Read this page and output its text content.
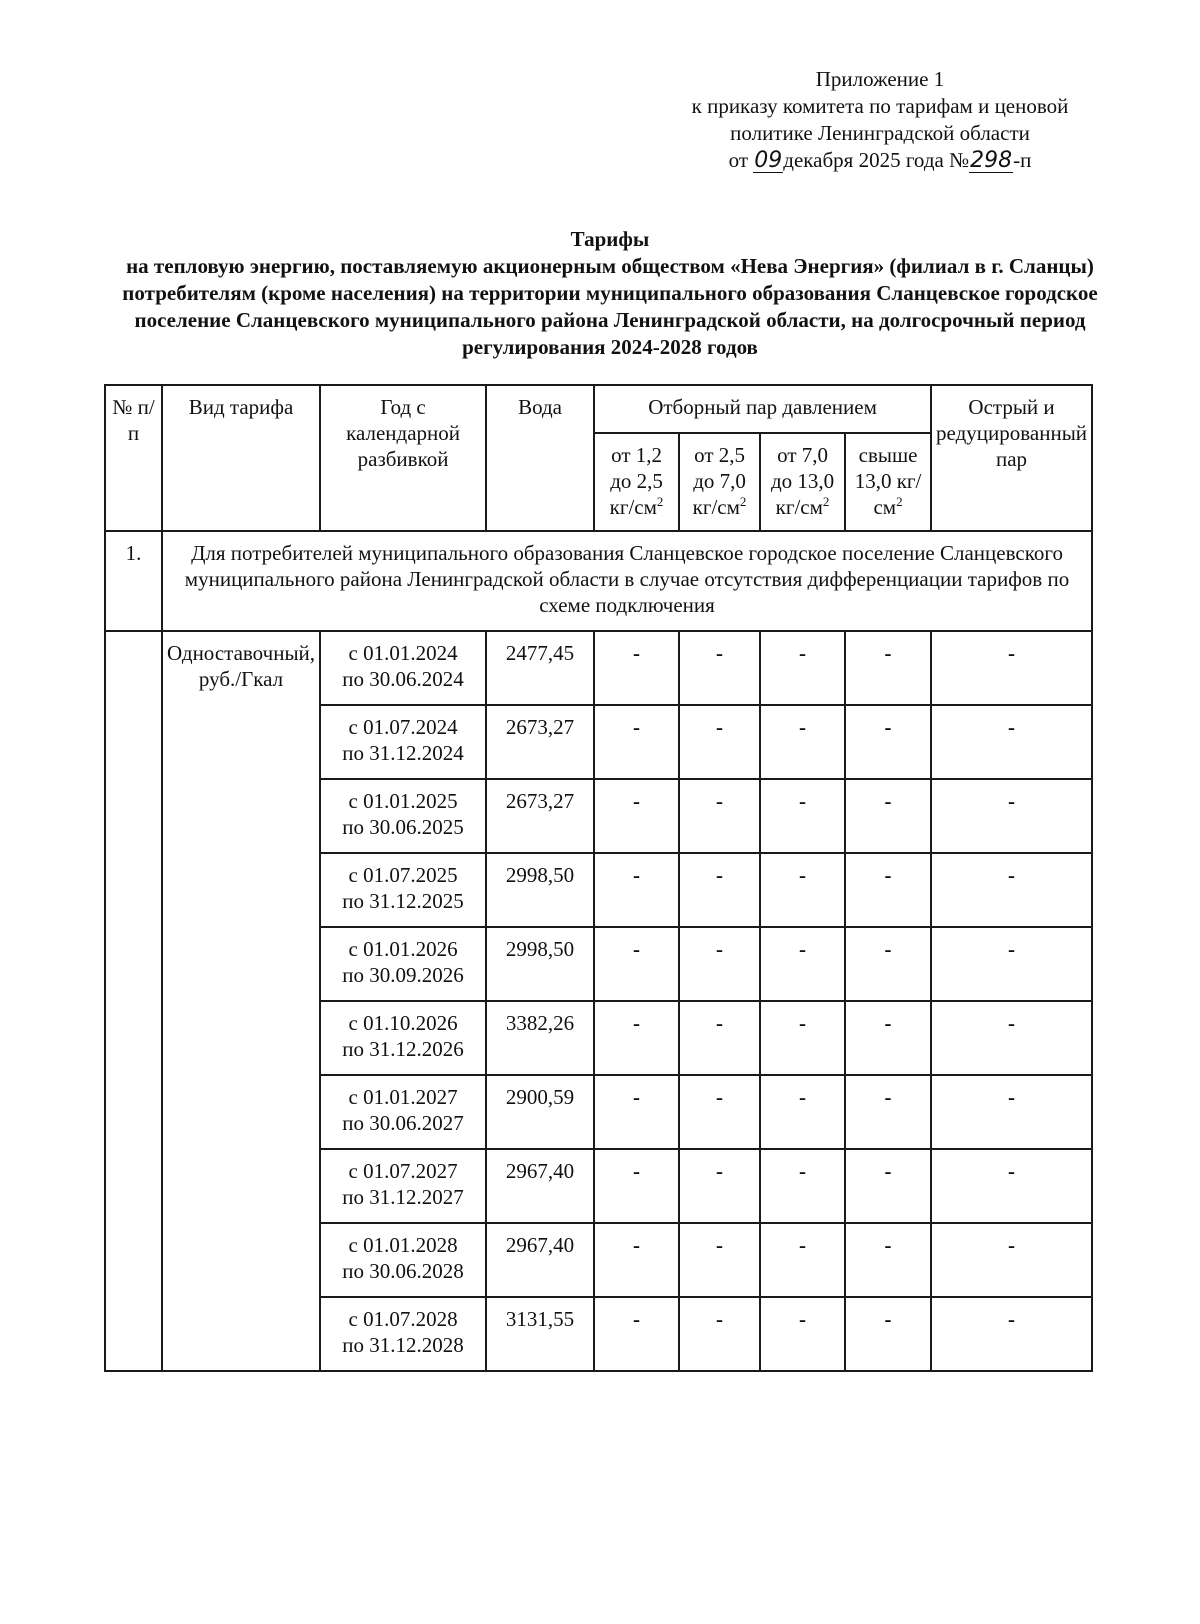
Приложение 1
к приказу комитета по тарифам и ценовой
политике Ленинградской области
от 09декабря 2025 года №298-п
Тарифы
на тепловую энергию, поставляемую акционерным обществом «Нева Энергия» (филиал в г. Сланцы) потребителям (кроме населения) на территории муниципального образования Сланцевское городское поселение Сланцевского муниципального района Ленинградской области, на долгосрочный период регулирования 2024-2028 годов
№ п/п	Вид тарифа	Год с календарной разбивкой	Вода	Отборный пар давлением				Острый и редуцированный пар
				от 1,2 до 2,5 $кг/см^2$	от 2,5 до 7,0 $кг/см^2$	от 7,0 до 13,0 $кг/см^2$	свыше 13,0 $кг/см^2$
1.	Для потребителей муниципального образования Сланцевское городское поселение Сланцевского муниципального района Ленинградской области в случае отсутствия дифференциации тарифов по схеме подключения							
	Одноставочный, руб./Гкал	с 01.01.2024
по 30.06.2024	2477,45	-	-	-	-	-

		с 01.07.2024
по 31.12.2024	2673,27	-	-	-	-	-

		с 01.01.2025
по 30.06.2025	2673,27	-	-	-	-	-

		с 01.07.2025
по 31.12.2025	2998,50	-	-	-	-	-

		с 01.01.2026
по 30.09.2026	2998,50	-	-	-	-	-

		с 01.10.2026
по 31.12.2026	3382,26	-	-	-	-	-

		с 01.01.2027
по 30.06.2027	2900,59	-	-	-	-	-

		с 01.07.2027
по 31.12.2027	2967,40	-	-	-	-	-

		с 01.01.2028
по 30.06.2028	2967,40	-	-	-	-	-

		с 01.07.2028
по 31.12.2028	3131,55	-	-	-	-	-
